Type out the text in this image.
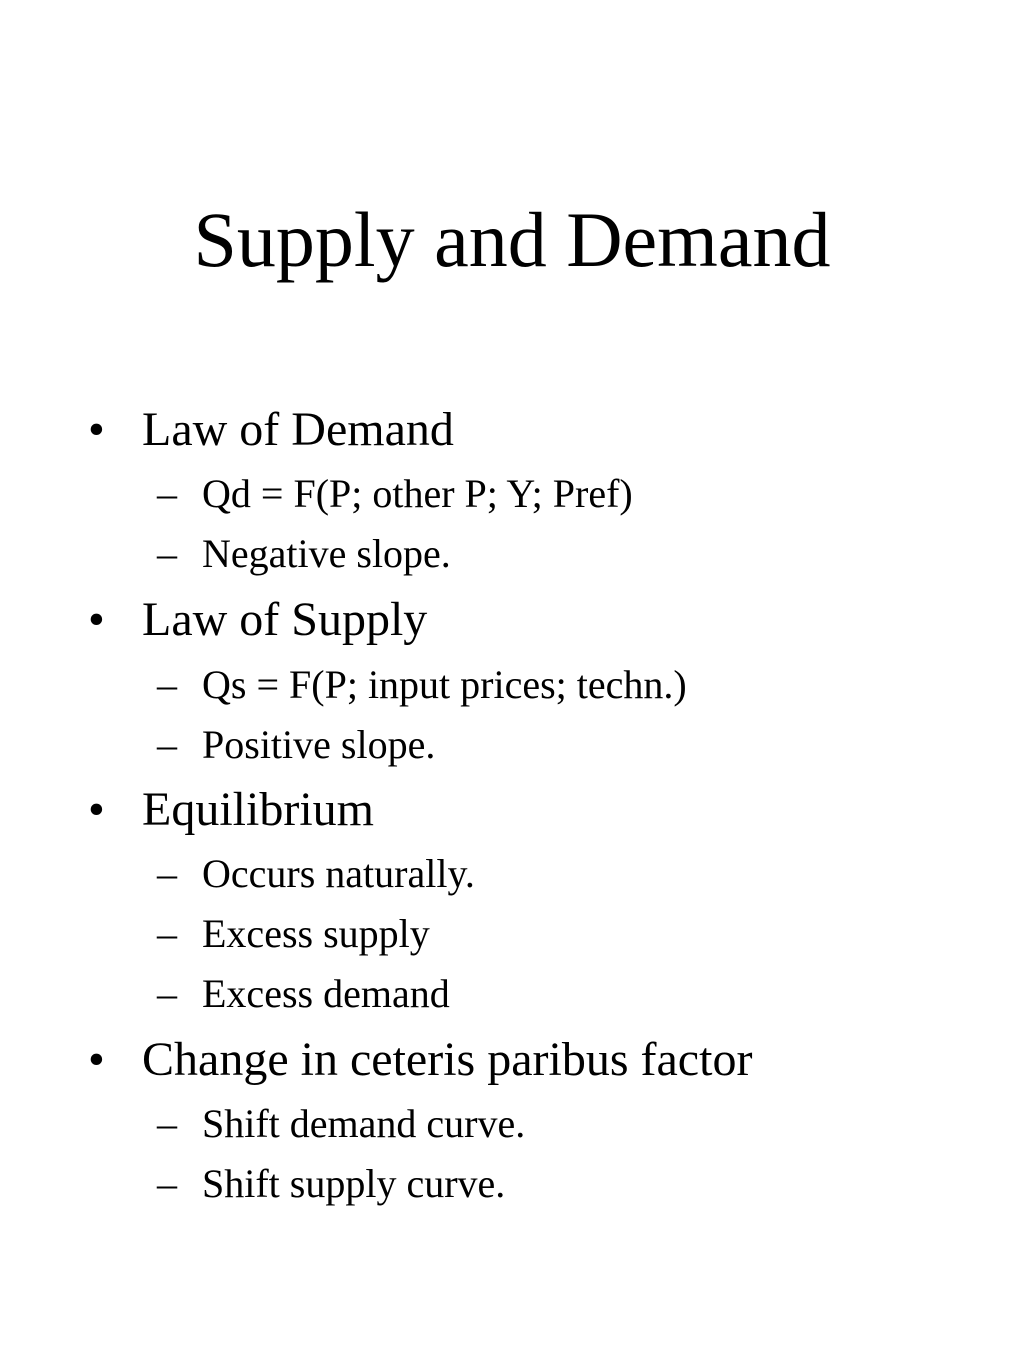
Supply and Demand
• Law of Demand
– Qd = F(P; other P; Y; Pref)
– Negative slope.
• Law of Supply
– Qs = F(P; input prices; techn.)
– Positive slope.
• Equilibrium
– Occurs naturally.
– Excess supply
– Excess demand
• Change in ceteris paribus factor
– Shift demand curve.
– Shift supply curve.
